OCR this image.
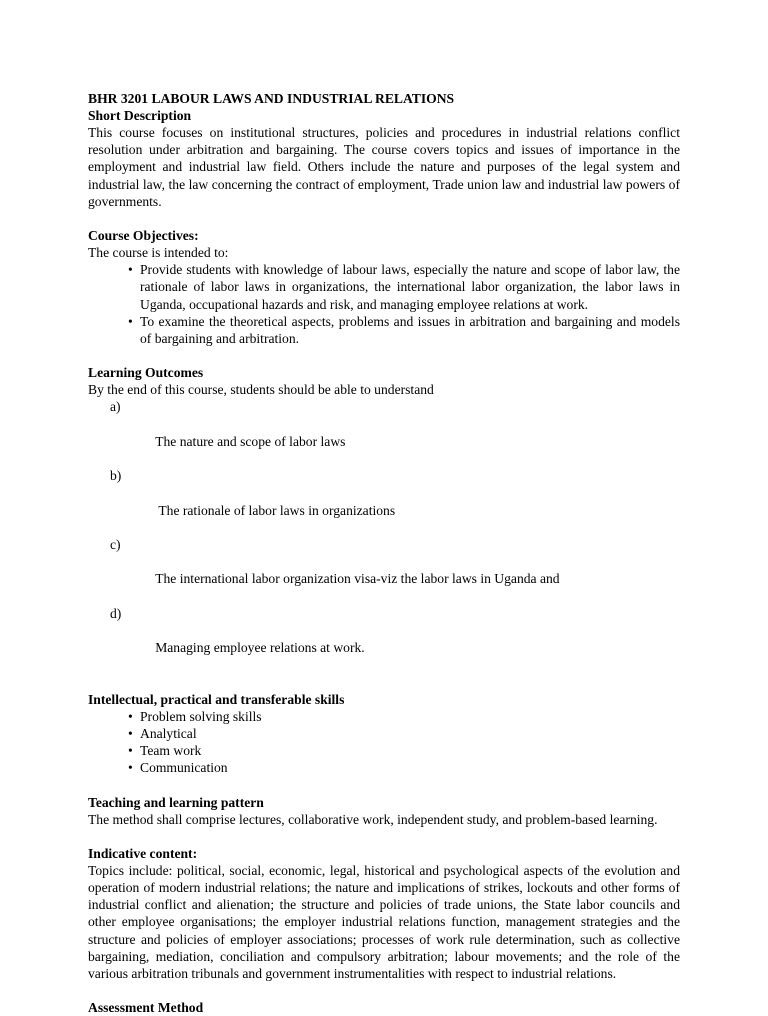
BHR 3201 LABOUR LAWS AND INDUSTRIAL RELATIONS
Short Description

This course focuses on institutional structures, policies and procedures in industrial relations conflict resolution under arbitration and bargaining. The course covers topics and issues of importance in the employment and industrial law field. Others include the nature and purposes of the legal system and industrial law, the law concerning the contract of employment, Trade union law and industrial law powers of governments.

Course Objectives:

The course is intended to:

• Provide students with knowledge of labour laws, especially the nature and scope of labor law, the rationale of labor laws in organizations, the international labor organization, the labor laws in Uganda, occupational hazards and risk, and managing employee relations at work.
• To examine the theoretical aspects, problems and issues in arbitration and bargaining and models of bargaining and arbitration.
Learning Outcomes

By the end of this course, students should be able to understand

a)

The nature and scope of labor laws

b)

The rationale of labor laws in organizations

c)

The international labor organization visa-viz the labor laws in Uganda and

d)

Managing employee relations at work.

Intellectual, practical and transferable skills
• Problem solving skills
• Analytical
• Team work
• Communication
Teaching and learning pattern

The method shall comprise lectures, collaborative work, independent study, and problem-based learning.

Indicative content:

Topics include: political, social, economic, legal, historical and psychological aspects of the evolution and operation of modern industrial relations; the nature and implications of strikes, lockouts and other forms of industrial conflict and alienation; the structure and policies of trade unions, the State labor councils and other employee organisations; the employer industrial relations function, management strategies and the structure and policies of employer associations; processes of work rule determination, such as collective bargaining, mediation, conciliation and compulsory arbitration; labour movements; and the role of the various arbitration tribunals and government instrumentalities with respect to industrial relations.

Assessment Method
